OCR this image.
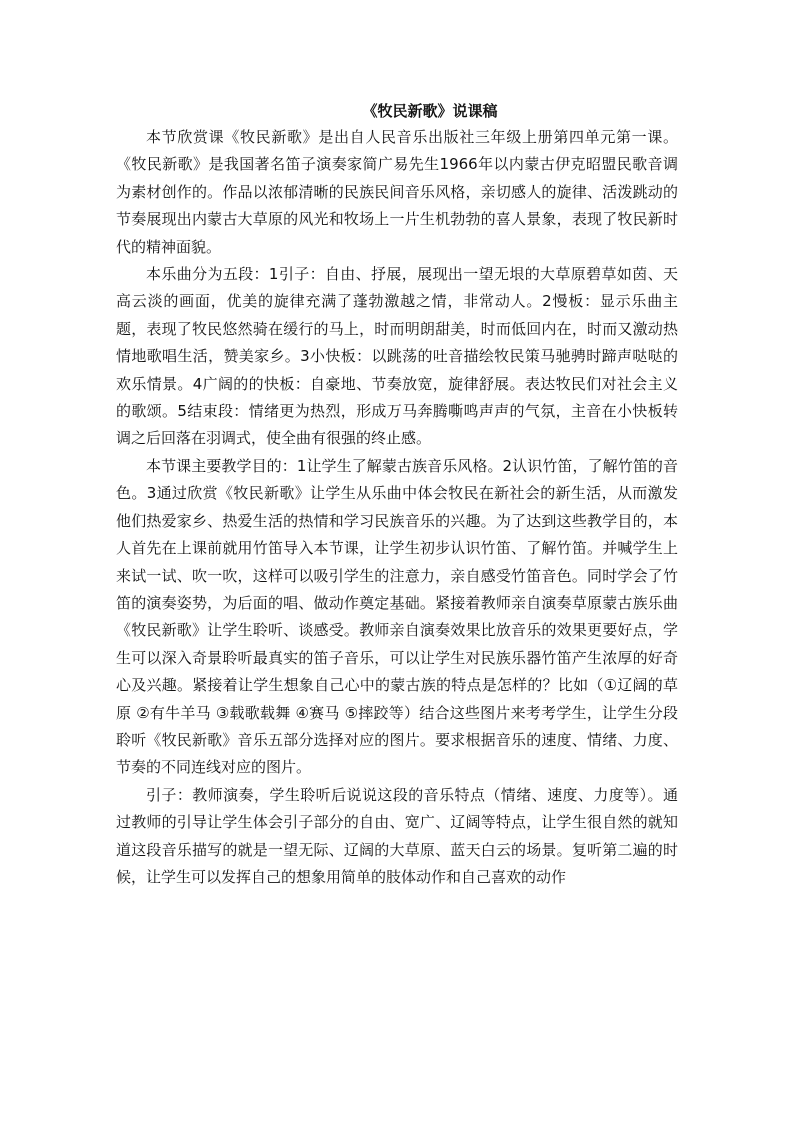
《牧民新歌》说课稿

本节欣赏课《牧民新歌》是出自人民音乐出版社三年级上册第四单元第一课。《牧民新歌》是我国著名笛子演奏家简广易先生1966年以内蒙古伊克昭盟民歌音调为素材创作的。作品以浓郁清晰的民族民间音乐风格，亲切感人的旋律、活泼跳动的节奏展现出内蒙古大草原的风光和牧场上一片生机勃勃的喜人景象，表现了牧民新时代的精神面貌。

本乐曲分为五段：1引子：自由、抒展，展现出一望无垠的大草原碧草如茵、天高云淡的画面，优美的旋律充满了蓬勃激越之情，非常动人。2慢板：显示乐曲主题，表现了牧民悠然骑在缓行的马上，时而明朗甜美，时而低回内在，时而又激动热情地歌唱生活，赞美家乡。3小快板：以跳荡的吐音描绘牧民策马驰骋时蹄声哒哒的欢乐情景。4广阔的的快板：自豪地、节奏放宽，旋律舒展。表达牧民们对社会主义的歌颂。5结束段：情绪更为热烈，形成万马奔腾嘶鸣声声的气氛，主音在小快板转调之后回落在羽调式，使全曲有很强的终止感。

本节课主要教学目的：1让学生了解蒙古族音乐风格。2认识竹笛，了解竹笛的音色。3通过欣赏《牧民新歌》让学生从乐曲中体会牧民在新社会的新生活，从而激发他们热爱家乡、热爱生活的热情和学习民族音乐的兴趣。为了达到这些教学目的，本人首先在上课前就用竹笛导入本节课，让学生初步认识竹笛、了解竹笛。并喊学生上来试一试、吹一吹，这样可以吸引学生的注意力，亲自感受竹笛音色。同时学会了竹笛的演奏姿势，为后面的唱、做动作奠定基础。紧接着教师亲自演奏草原蒙古族乐曲《牧民新歌》让学生聆听、谈感受。教师亲自演奏效果比放音乐的效果更要好点，学生可以深入奇景聆听最真实的笛子音乐，可以让学生对民族乐器竹笛产生浓厚的好奇心及兴趣。紧接着让学生想象自己心中的蒙古族的特点是怎样的？比如（①辽阔的草原 ②有牛羊马 ③载歌载舞 ④赛马 ⑤摔跤等）结合这些图片来考考学生，让学生分段聆听《牧民新歌》音乐五部分选择对应的图片。要求根据音乐的速度、情绪、力度、节奏的不同连线对应的图片。

引子：教师演奏，学生聆听后说说这段的音乐特点（情绪、速度、力度等）。通过教师的引导让学生体会引子部分的自由、宽广、辽阔等特点，让学生很自然的就知道这段音乐描写的就是一望无际、辽阔的大草原、蓝天白云的场景。复听第二遍的时候，让学生可以发挥自己的想象用简单的肢体动作和自己喜欢的动作
